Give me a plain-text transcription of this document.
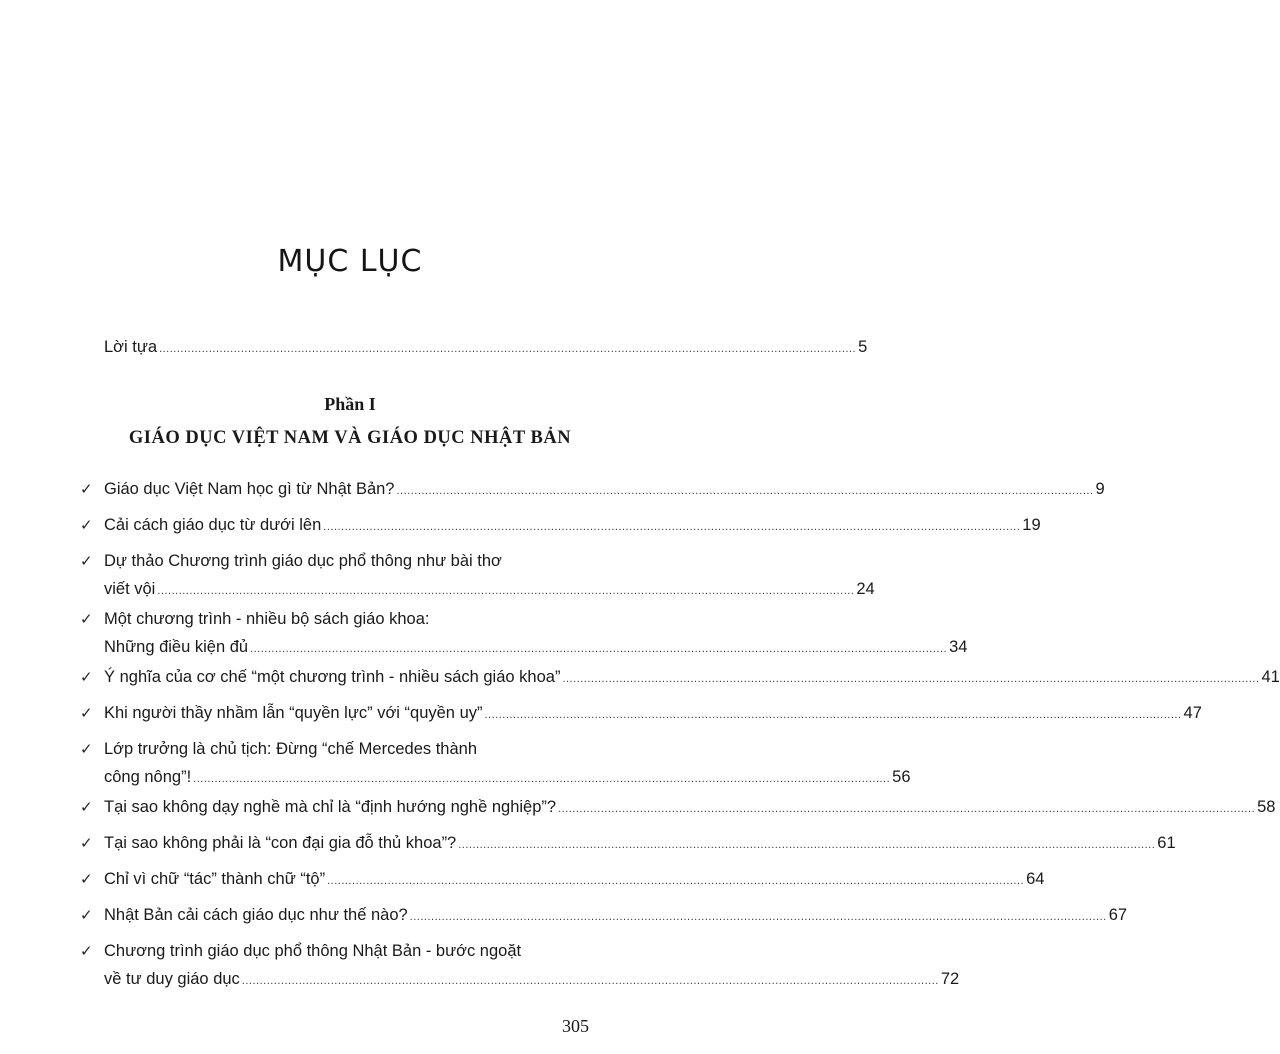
MỤC LỤC
Lời tựa .................................................................................................................................................................................................... 5
Phần I
GIÁO DỤC VIỆT NAM VÀ GIÁO DỤC NHẬT BẢN
✓ Giáo dục Việt Nam học gì từ Nhật Bản? .................................................................................................................................................................................................... 9
✓ Cải cách giáo dục từ dưới lên .................................................................................................................................................................................................... 19
✓ Dự thảo Chương trình giáo dục phổ thông như bài thơ
viết vội .................................................................................................................................................................................................... 24
✓ Một chương trình - nhiều bộ sách giáo khoa:
Những điều kiện đủ .................................................................................................................................................................................................... 34
✓ Ý nghĩa của cơ chế “một chương trình - nhiều sách giáo khoa” .................................................................................................................................................................................................... 41
✓ Khi người thầy nhầm lẫn “quyền lực” với “quyền uy” .................................................................................................................................................................................................... 47
✓ Lớp trưởng là chủ tịch: Đừng “chế Mercedes thành
công nông”! .................................................................................................................................................................................................... 56
✓ Tại sao không dạy nghề mà chỉ là “định hướng nghề nghiệp”? .................................................................................................................................................................................................... 58
✓ Tại sao không phải là “con đại gia đỗ thủ khoa”? .................................................................................................................................................................................................... 61
✓ Chỉ vì chữ “tác” thành chữ “tộ” .................................................................................................................................................................................................... 64
✓ Nhật Bản cải cách giáo dục như thế nào? .................................................................................................................................................................................................... 67
✓ Chương trình giáo dục phổ thông Nhật Bản - bước ngoặt
về tư duy giáo dục .................................................................................................................................................................................................... 72
305
